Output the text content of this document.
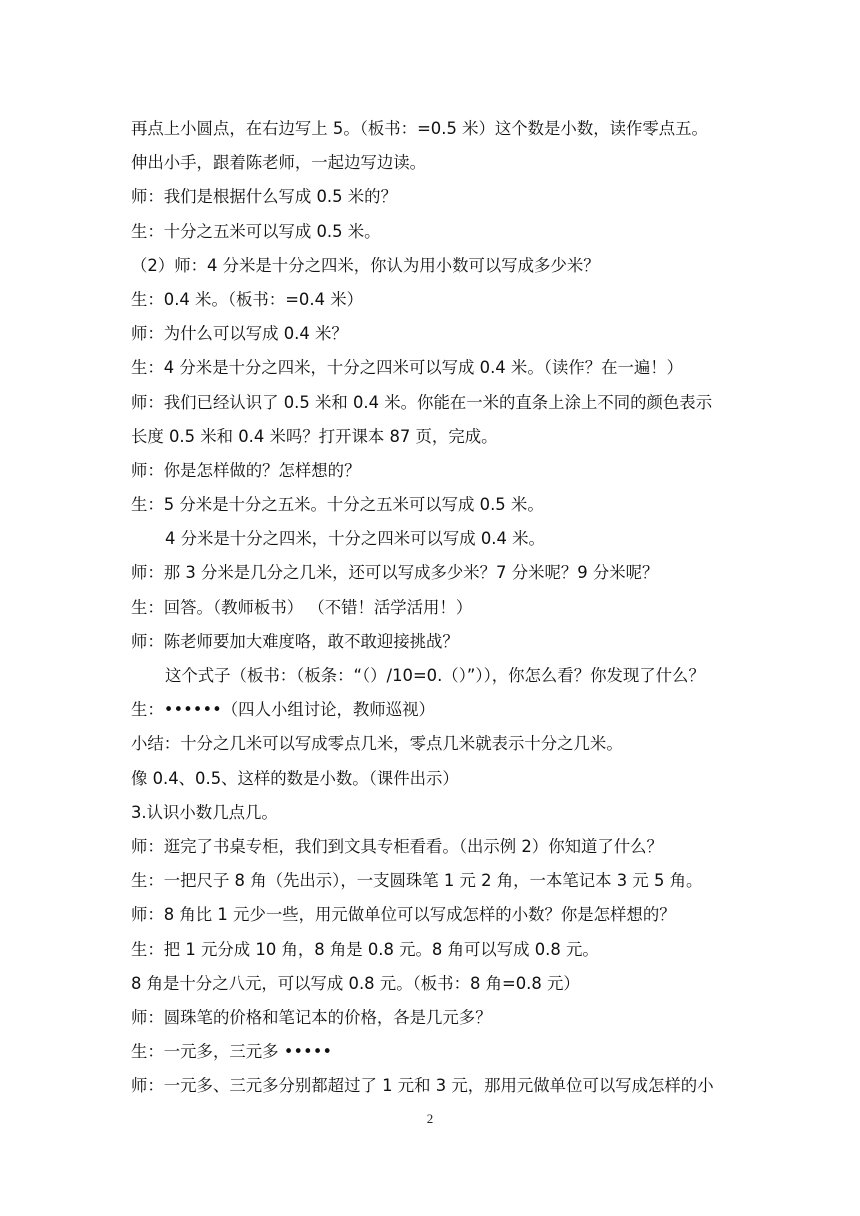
再点上小圆点，在右边写上 5。（板书：=0.5 米）这个数是小数，读作零点五。
伸出小手，跟着陈老师，一起边写边读。
师：我们是根据什么写成 0.5 米的？
生：十分之五米可以写成 0.5 米。
（2）师：4 分米是十分之四米，你认为用小数可以写成多少米？
生：0.4 米。（板书：=0.4 米）
师：为什么可以写成 0.4 米？
生：4 分米是十分之四米，十分之四米可以写成 0.4 米。（读作？在一遍！）
师：我们已经认识了 0.5 米和 0.4 米。你能在一米的直条上涂上不同的颜色表示
长度 0.5 米和 0.4 米吗？打开课本 87 页，完成。
师：你是怎样做的？怎样想的？
生：5 分米是十分之五米。十分之五米可以写成 0.5 米。
4 分米是十分之四米，十分之四米可以写成 0.4 米。
师：那 3 分米是几分之几米，还可以写成多少米？7 分米呢？9 分米呢？
生：回答。（教师板书） （不错！活学活用！）
师：陈老师要加大难度咯，敢不敢迎接挑战？
这个式子（板书：（板条：“（）/10=0.（）”）），你怎么看？你发现了什么？
生：••••••（四人小组讨论，教师巡视）
小结：十分之几米可以写成零点几米，零点几米就表示十分之几米。
像 0.4、0.5、这样的数是小数。（课件出示）
3.认识小数几点几。
师：逛完了书桌专柜，我们到文具专柜看看。（出示例 2）你知道了什么？
生：一把尺子 8 角（先出示），一支圆珠笔 1 元 2 角，一本笔记本 3 元 5 角。
师：8 角比 1 元少一些，用元做单位可以写成怎样的小数？你是怎样想的？
生：把 1 元分成 10 角，8 角是 0.8 元。8 角可以写成 0.8 元。
8 角是十分之八元，可以写成 0.8 元。（板书：8 角=0.8 元）
师：圆珠笔的价格和笔记本的价格，各是几元多？
生：一元多，三元多 •••••
师：一元多、三元多分别都超过了 1 元和 3 元，那用元做单位可以写成怎样的小
2
